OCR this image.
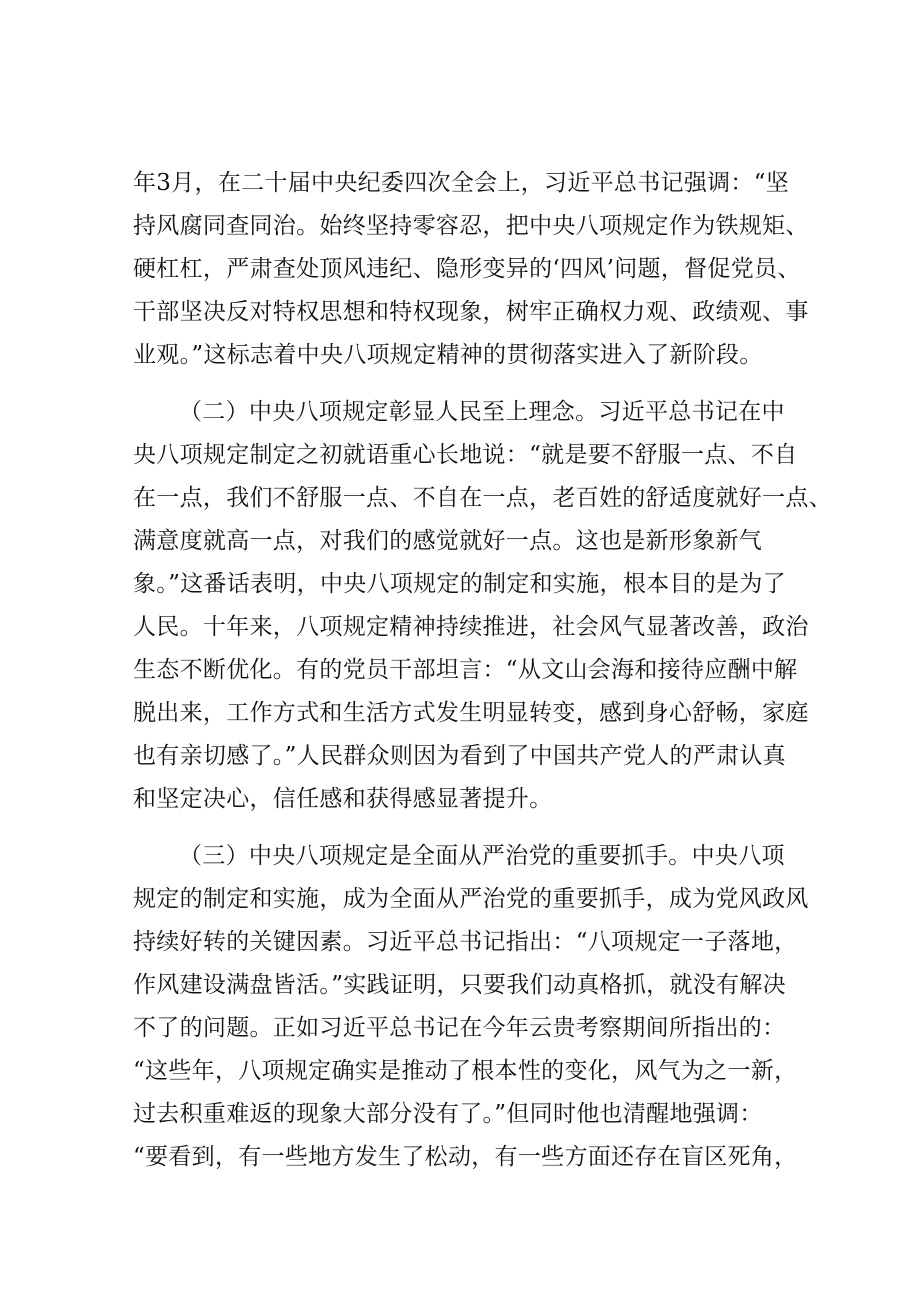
年3月，在二十届中央纪委四次全会上，习近平总书记强调：“坚
持风腐同查同治。始终坚持零容忍，把中央八项规定作为铁规矩、
硬杠杠，严肃查处顶风违纪、隐形变异的‘四风’问题，督促党员、
干部坚决反对特权思想和特权现象，树牢正确权力观、政绩观、事
业观。”这标志着中央八项规定精神的贯彻落实进入了新阶段。
（二）中央八项规定彰显人民至上理念。习近平总书记在中
央八项规定制定之初就语重心长地说：“就是要不舒服一点、不自
在一点，我们不舒服一点、不自在一点，老百姓的舒适度就好一点、
满意度就高一点，对我们的感觉就好一点。这也是新形象新气
象。”这番话表明，中央八项规定的制定和实施，根本目的是为了
人民。十年来，八项规定精神持续推进，社会风气显著改善，政治
生态不断优化。有的党员干部坦言：“从文山会海和接待应酬中解
脱出来，工作方式和生活方式发生明显转变，感到身心舒畅，家庭
也有亲切感了。”人民群众则因为看到了中国共产党人的严肃认真
和坚定决心，信任感和获得感显著提升。
（三）中央八项规定是全面从严治党的重要抓手。中央八项
规定的制定和实施，成为全面从严治党的重要抓手，成为党风政风
持续好转的关键因素。习近平总书记指出：“八项规定一子落地，
作风建设满盘皆活。”实践证明，只要我们动真格抓，就没有解决
不了的问题。正如习近平总书记在今年云贵考察期间所指出的：
“这些年，八项规定确实是推动了根本性的变化，风气为之一新，
过去积重难返的现象大部分没有了。”但同时他也清醒地强调：
“要看到，有一些地方发生了松动，有一些方面还存在盲区死角，
